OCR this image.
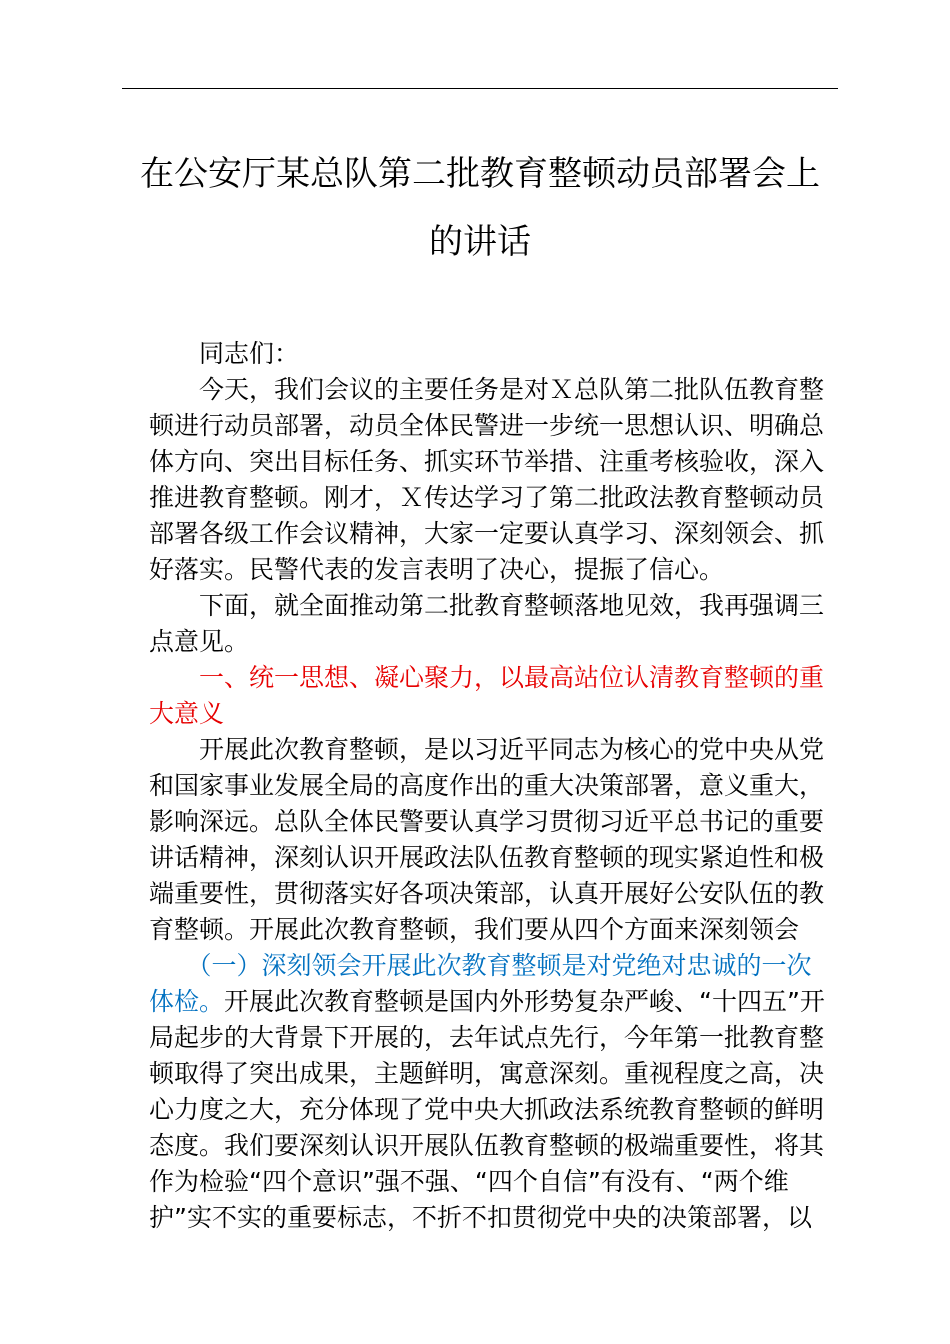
在公安厅某总队第二批教育整顿动员部署会上
的讲话
　　同志们：
　　今天，我们会议的主要任务是对Ｘ总队第二批队伍教育整
顿进行动员部署，动员全体民警进一步统一思想认识、明确总
体方向、突出目标任务、抓实环节举措、注重考核验收，深入
推进教育整顿。刚才，Ｘ传达学习了第二批政法教育整顿动员
部署各级工作会议精神，大家一定要认真学习、深刻领会、抓
好落实。民警代表的发言表明了决心，提振了信心。
　　下面，就全面推动第二批教育整顿落地见效，我再强调三
点意见。
　　一、统一思想、凝心聚力，以最高站位认清教育整顿的重
大意义
　　开展此次教育整顿，是以习近平同志为核心的党中央从党
和国家事业发展全局的高度作出的重大决策部署，意义重大，
影响深远。总队全体民警要认真学习贯彻习近平总书记的重要
讲话精神，深刻认识开展政法队伍教育整顿的现实紧迫性和极
端重要性，贯彻落实好各项决策部，认真开展好公安队伍的教
育整顿。开展此次教育整顿，我们要从四个方面来深刻领会
　　（一）深刻领会开展此次教育整顿是对党绝对忠诚的一次
体检。开展此次教育整顿是国内外形势复杂严峻、“十四五”开
局起步的大背景下开展的，去年试点先行，今年第一批教育整
顿取得了突出成果，主题鲜明，寓意深刻。重视程度之高，决
心力度之大，充分体现了党中央大抓政法系统教育整顿的鲜明
态度。我们要深刻认识开展队伍教育整顿的极端重要性，将其
作为检验“四个意识”强不强、“四个自信”有没有、“两个维
护”实不实的重要标志，不折不扣贯彻党中央的决策部署，以
